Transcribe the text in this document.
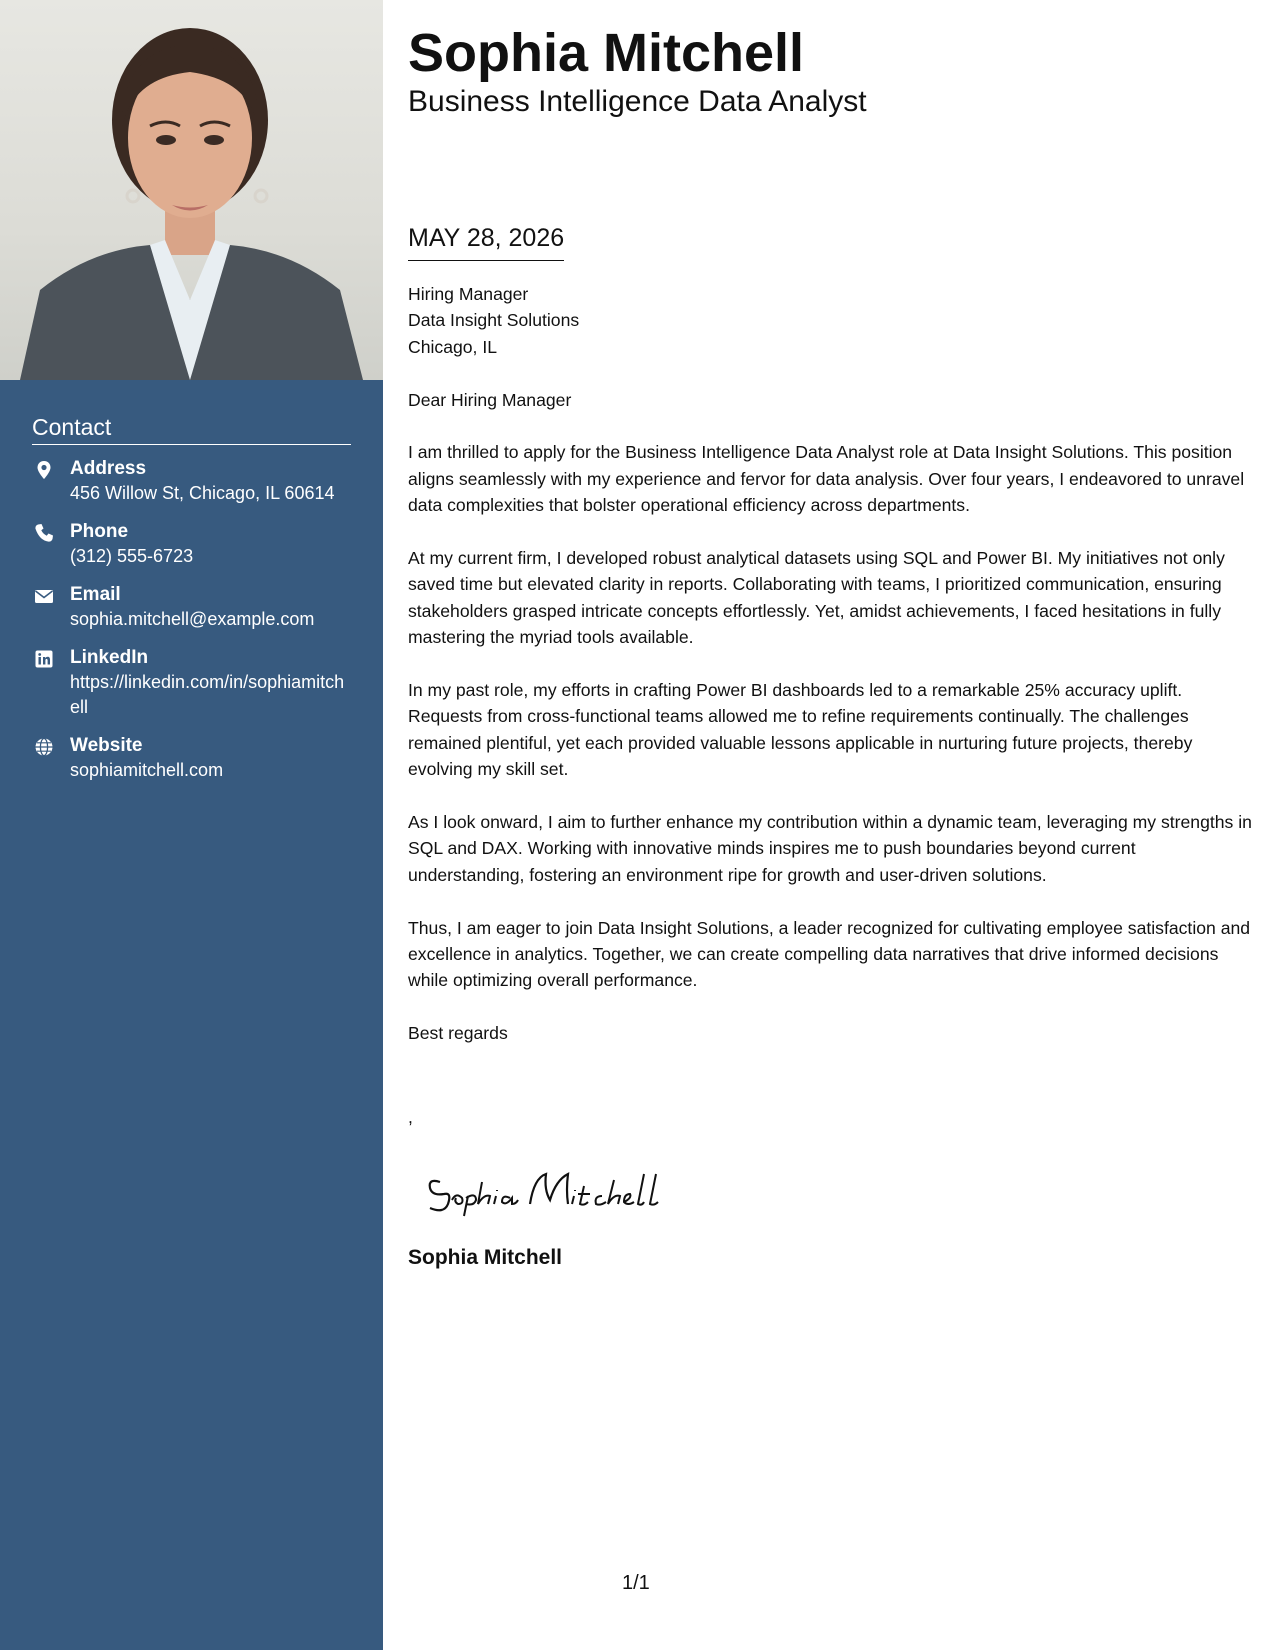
Contact
Address
456 Willow St, Chicago, IL 60614
Phone
(312) 555-6723
Email
sophia.mitchell@example.com
LinkedIn
https://linkedin.com/in/sophiamitchell
Website
sophiamitchell.com
Sophia Mitchell
Business Intelligence Data Analyst
MAY 28, 2026
Hiring Manager
Data Insight Solutions
Chicago, IL
Dear Hiring Manager
I am thrilled to apply for the Business Intelligence Data Analyst role at Data Insight Solutions. This position aligns seamlessly with my experience and fervor for data analysis. Over four years, I endeavored to unravel data complexities that bolster operational efficiency across departments.
At my current firm, I developed robust analytical datasets using SQL and Power BI. My initiatives not only saved time but elevated clarity in reports. Collaborating with teams, I prioritized communication, ensuring stakeholders grasped intricate concepts effortlessly. Yet, amidst achievements, I faced hesitations in fully mastering the myriad tools available.
In my past role, my efforts in crafting Power BI dashboards led to a remarkable 25% accuracy uplift. Requests from cross-functional teams allowed me to refine requirements continually. The challenges remained plentiful, yet each provided valuable lessons applicable in nurturing future projects, thereby evolving my skill set.
As I look onward, I aim to further enhance my contribution within a dynamic team, leveraging my strengths in SQL and DAX. Working with innovative minds inspires me to push boundaries beyond current understanding, fostering an environment ripe for growth and user-driven solutions.
Thus, I am eager to join Data Insight Solutions, a leader recognized for cultivating employee satisfaction and excellence in analytics. Together, we can create compelling data narratives that drive informed decisions while optimizing overall performance.
Best regards
,
Sophia Mitchell
1/1
